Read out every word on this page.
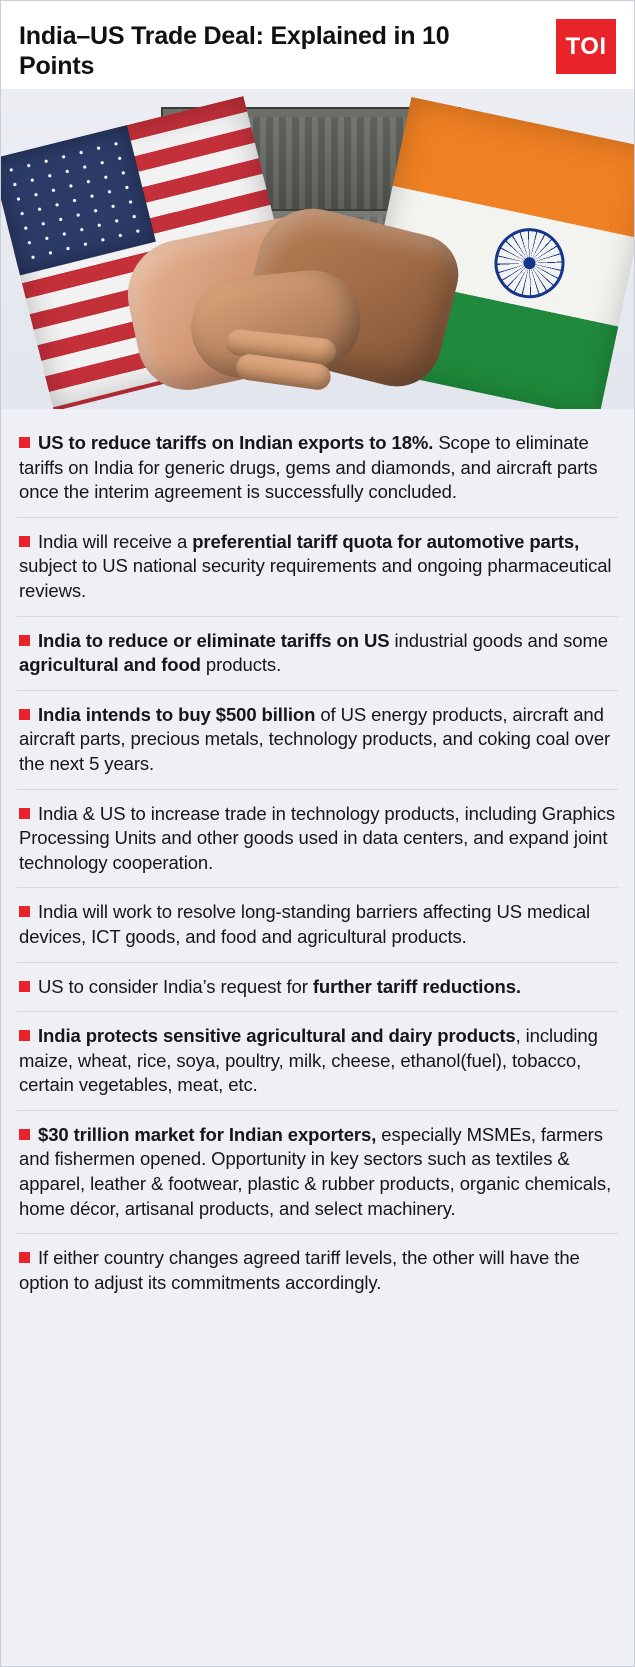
India–US Trade Deal: Explained in 10 Points
TOI
US to reduce tariffs on Indian exports to 18%. Scope to eliminate tariffs on India for generic drugs, gems and diamonds, and aircraft parts once the interim agreement is successfully concluded.
India will receive a preferential tariff quota for automotive parts, subject to US national security requirements and ongoing pharmaceutical reviews.
India to reduce or eliminate tariffs on US industrial goods and some agricultural and food products.
India intends to buy $500 billion of US energy products, aircraft and aircraft parts, precious metals, technology products, and coking coal over the next 5 years.
India & US to increase trade in technology products, including Graphics Processing Units and other goods used in data centers, and expand joint technology cooperation.
India will work to resolve long-standing barriers affecting US medical devices, ICT goods, and food and agricultural products.
US to consider India’s request for further tariff reductions.
India protects sensitive agricultural and dairy products, including maize, wheat, rice, soya, poultry, milk, cheese, ethanol(fuel), tobacco, certain vegetables, meat, etc.
$30 trillion market for Indian exporters, especially MSMEs, farmers and fishermen opened. Opportunity in key sectors such as textiles & apparel, leather & footwear, plastic & rubber products, organic chemicals, home décor, artisanal products, and select machinery.
If either country changes agreed tariff levels, the other will have the option to adjust its commitments accordingly.
